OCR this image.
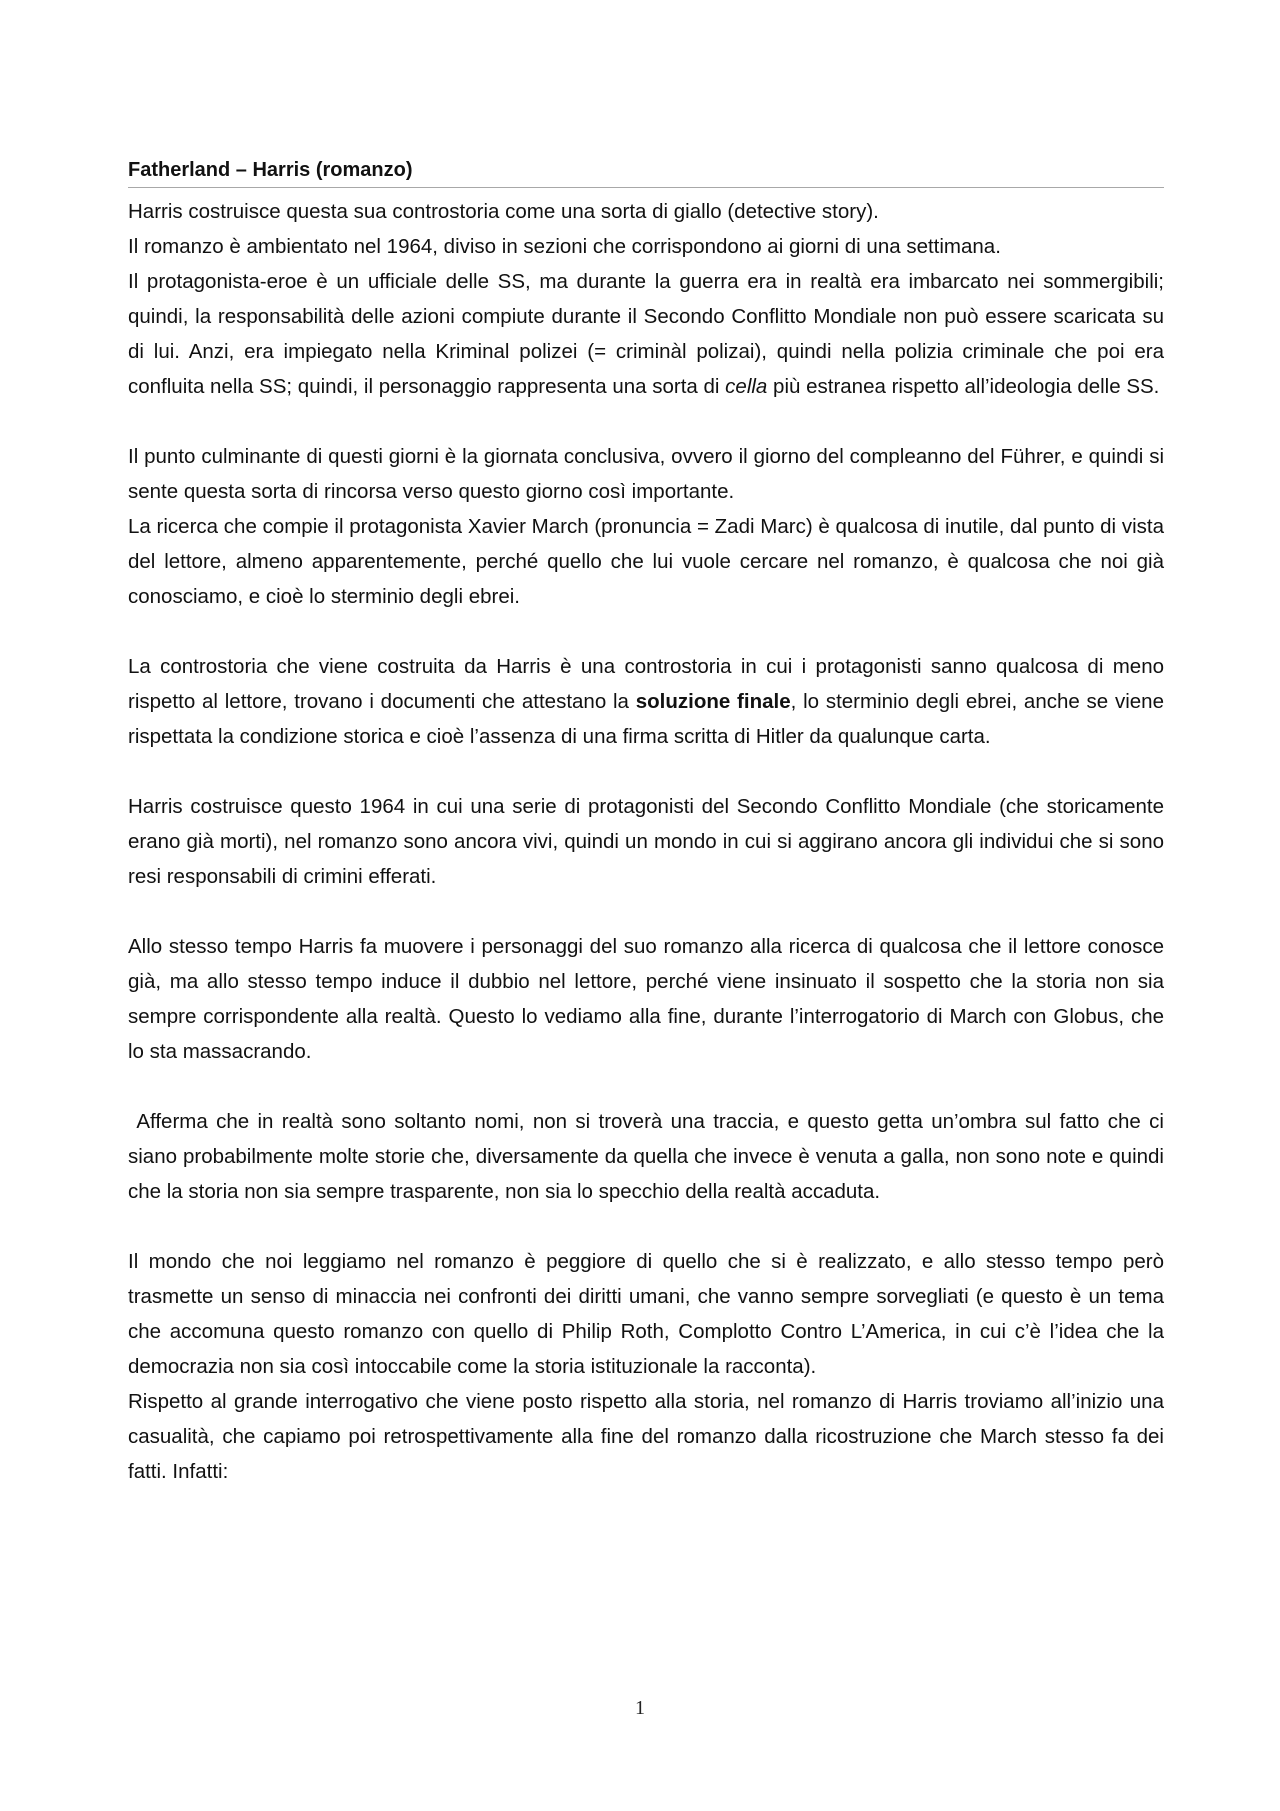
Fatherland – Harris (romanzo)

Harris costruisce questa sua controstoria come una sorta di giallo (detective story).

Il romanzo è ambientato nel 1964, diviso in sezioni che corrispondono ai giorni di una settimana.

Il protagonista-eroe è un ufficiale delle SS, ma durante la guerra era in realtà era imbarcato nei sommergibili; quindi, la responsabilità delle azioni compiute durante il Secondo Conflitto Mondiale non può essere scaricata su di lui. Anzi, era impiegato nella Kriminal polizei (= criminàl polizai), quindi nella polizia criminale che poi era confluita nella SS; quindi, il personaggio rappresenta una sorta di cella più estranea rispetto all’ideologia delle SS.

Il punto culminante di questi giorni è la giornata conclusiva, ovvero il giorno del compleanno del Führer, e quindi si sente questa sorta di rincorsa verso questo giorno così importante.

La ricerca che compie il protagonista Xavier March (pronuncia = Zadi Marc) è qualcosa di inutile, dal punto di vista del lettore, almeno apparentemente, perché quello che lui vuole cercare nel romanzo, è qualcosa che noi già conosciamo, e cioè lo sterminio degli ebrei.

La controstoria che viene costruita da Harris è una controstoria in cui i protagonisti sanno qualcosa di meno rispetto al lettore, trovano i documenti che attestano la soluzione finale, lo sterminio degli ebrei, anche se viene rispettata la condizione storica e cioè l’assenza di una firma scritta di Hitler da qualunque carta.

Harris costruisce questo 1964 in cui una serie di protagonisti del Secondo Conflitto Mondiale (che storicamente erano già morti), nel romanzo sono ancora vivi, quindi un mondo in cui si aggirano ancora gli individui che si sono resi responsabili di crimini efferati.

Allo stesso tempo Harris fa muovere i personaggi del suo romanzo alla ricerca di qualcosa che il lettore conosce già, ma allo stesso tempo induce il dubbio nel lettore, perché viene insinuato il sospetto che la storia non sia sempre corrispondente alla realtà. Questo lo vediamo alla fine, durante l’interrogatorio di March con Globus, che lo sta massacrando.

Afferma che in realtà sono soltanto nomi, non si troverà una traccia, e questo getta un’ombra sul fatto che ci siano probabilmente molte storie che, diversamente da quella che invece è venuta a galla, non sono note e quindi che la storia non sia sempre trasparente, non sia lo specchio della realtà accaduta.

Il mondo che noi leggiamo nel romanzo è peggiore di quello che si è realizzato, e allo stesso tempo però trasmette un senso di minaccia nei confronti dei diritti umani, che vanno sempre sorvegliati (e questo è un tema che accomuna questo romanzo con quello di Philip Roth, Complotto Contro L’America, in cui c’è l’idea che la democrazia non sia così intoccabile come la storia istituzionale la racconta).

Rispetto al grande interrogativo che viene posto rispetto alla storia, nel romanzo di Harris troviamo all’inizio una casualità, che capiamo poi retrospettivamente alla fine del romanzo dalla ricostruzione che March stesso fa dei fatti. Infatti:

1
